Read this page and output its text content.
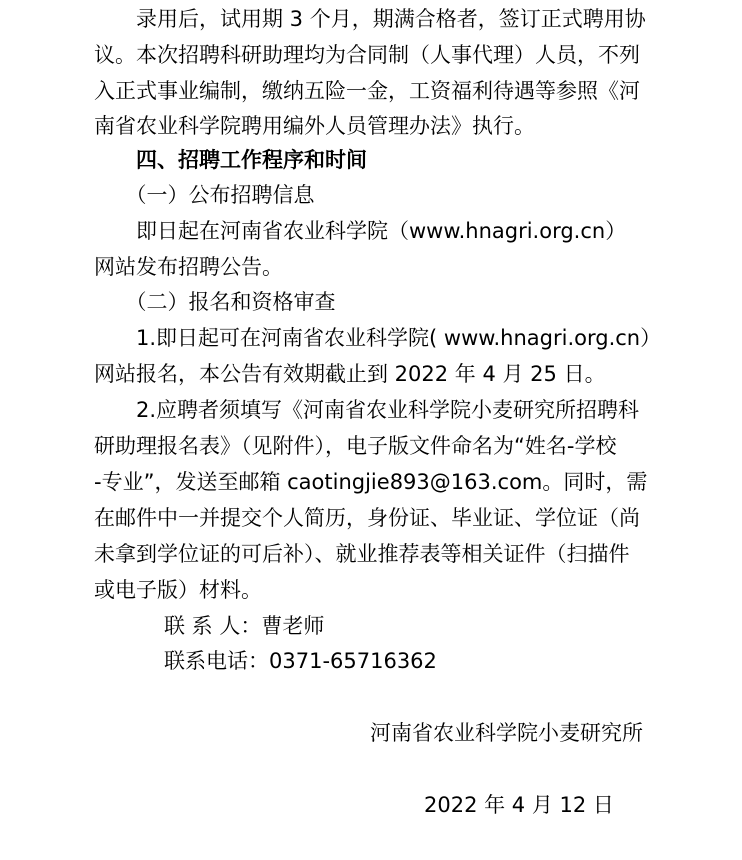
　　录用后，试用期 3 个月，期满合格者，签订正式聘用协
议。本次招聘科研助理均为合同制（人事代理）人员，不列
入正式事业编制，缴纳五险一金，工资福利待遇等参照《河
南省农业科学院聘用编外人员管理办法》执行。
　　四、招聘工作程序和时间
　　（一）公布招聘信息
　　即日起在河南省农业科学院（www.hnagri.org.cn）
网站发布招聘公告。
　　（二）报名和资格审查
　　1.即日起可在河南省农业科学院( www.hnagri.org.cn）
网站报名，本公告有效期截止到 2022 年 4 月 25 日。
　　2.应聘者须填写《河南省农业科学院小麦研究所招聘科
研助理报名表》（见附件），电子版文件命名为“姓名-学校
-专业”，发送至邮箱 caotingjie893@163.com。同时，需
在邮件中一并提交个人简历，身份证、毕业证、学位证（尚
未拿到学位证的可后补）、就业推荐表等相关证件（扫描件
或电子版）材料。
　　联 系 人：曹老师
　　联系电话：0371-65716362
河南省农业科学院小麦研究所
2022 年 4 月 12 日
